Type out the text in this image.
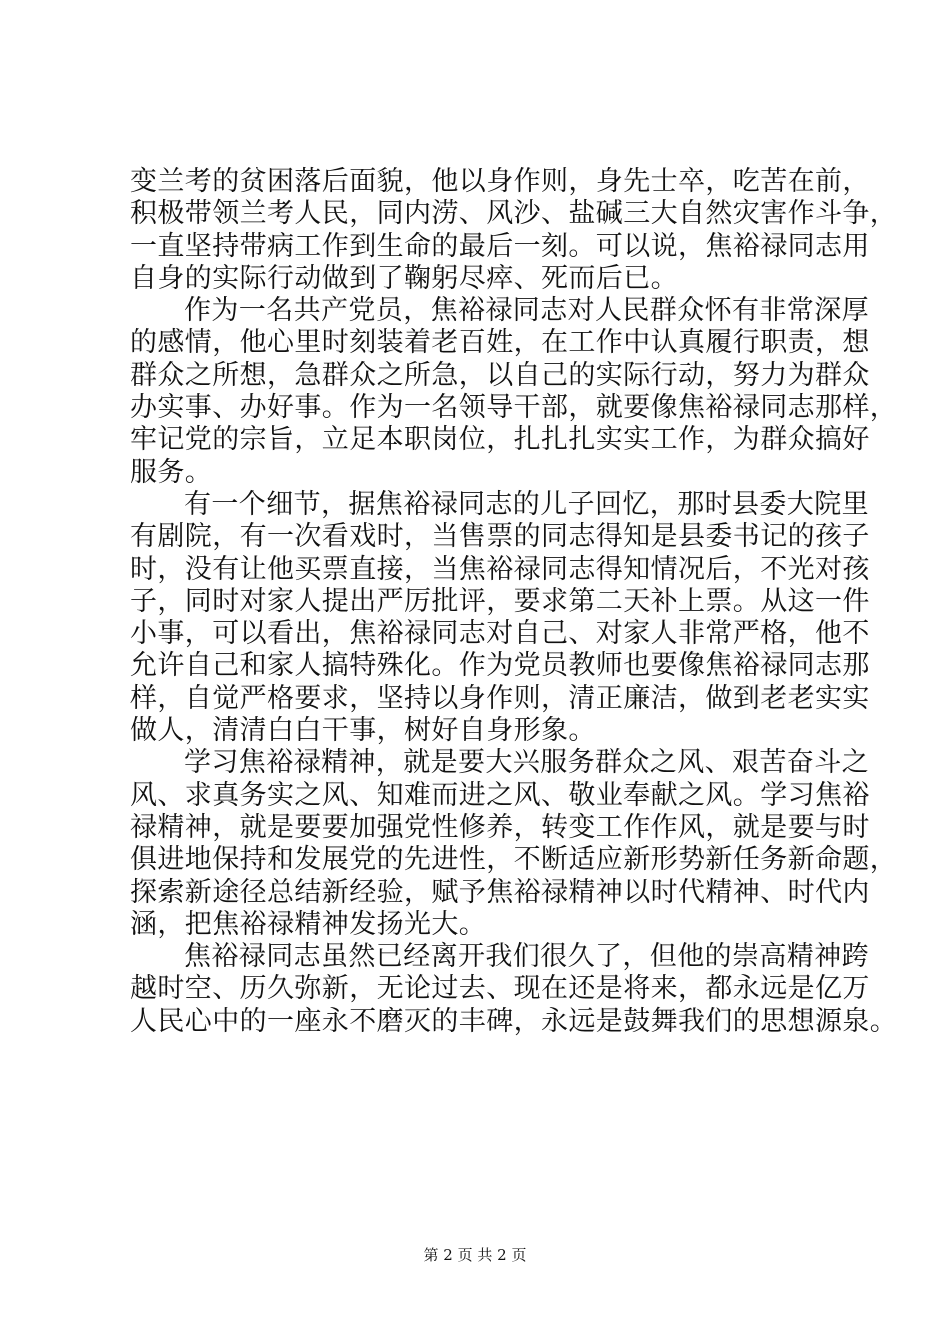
变兰考的贫困落后面貌，他以身作则，身先士卒，吃苦在前，
积极带领兰考人民，同内涝、风沙、盐碱三大自然灾害作斗争，
一直坚持带病工作到生命的最后一刻。可以说，焦裕禄同志用
自身的实际行动做到了鞠躬尽瘁、死而后已。
作为一名共产党员，焦裕禄同志对人民群众怀有非常深厚
的感情，他心里时刻装着老百姓，在工作中认真履行职责，想
群众之所想，急群众之所急，以自己的实际行动，努力为群众
办实事、办好事。作为一名领导干部，就要像焦裕禄同志那样，
牢记党的宗旨，立足本职岗位，扎扎扎实实工作，为群众搞好
服务。
有一个细节，据焦裕禄同志的儿子回忆，那时县委大院里
有剧院，有一次看戏时，当售票的同志得知是县委书记的孩子
时，没有让他买票直接，当焦裕禄同志得知情况后，不光对孩
子，同时对家人提出严厉批评，要求第二天补上票。从这一件
小事，可以看出，焦裕禄同志对自己、对家人非常严格，他不
允许自己和家人搞特殊化。作为党员教师也要像焦裕禄同志那
样，自觉严格要求，坚持以身作则，清正廉洁，做到老老实实
做人，清清白白干事，树好自身形象。
学习焦裕禄精神，就是要大兴服务群众之风、艰苦奋斗之
风、求真务实之风、知难而进之风、敬业奉献之风。学习焦裕
禄精神，就是要要加强党性修养，转变工作作风，就是要与时
俱进地保持和发展党的先进性，不断适应新形势新任务新命题，
探索新途径总结新经验，赋予焦裕禄精神以时代精神、时代内
涵，把焦裕禄精神发扬光大。
焦裕禄同志虽然已经离开我们很久了，但他的崇高精神跨
越时空、历久弥新，无论过去、现在还是将来，都永远是亿万
人民心中的一座永不磨灭的丰碑，永远是鼓舞我们的思想源泉。
第 2 页 共 2 页
